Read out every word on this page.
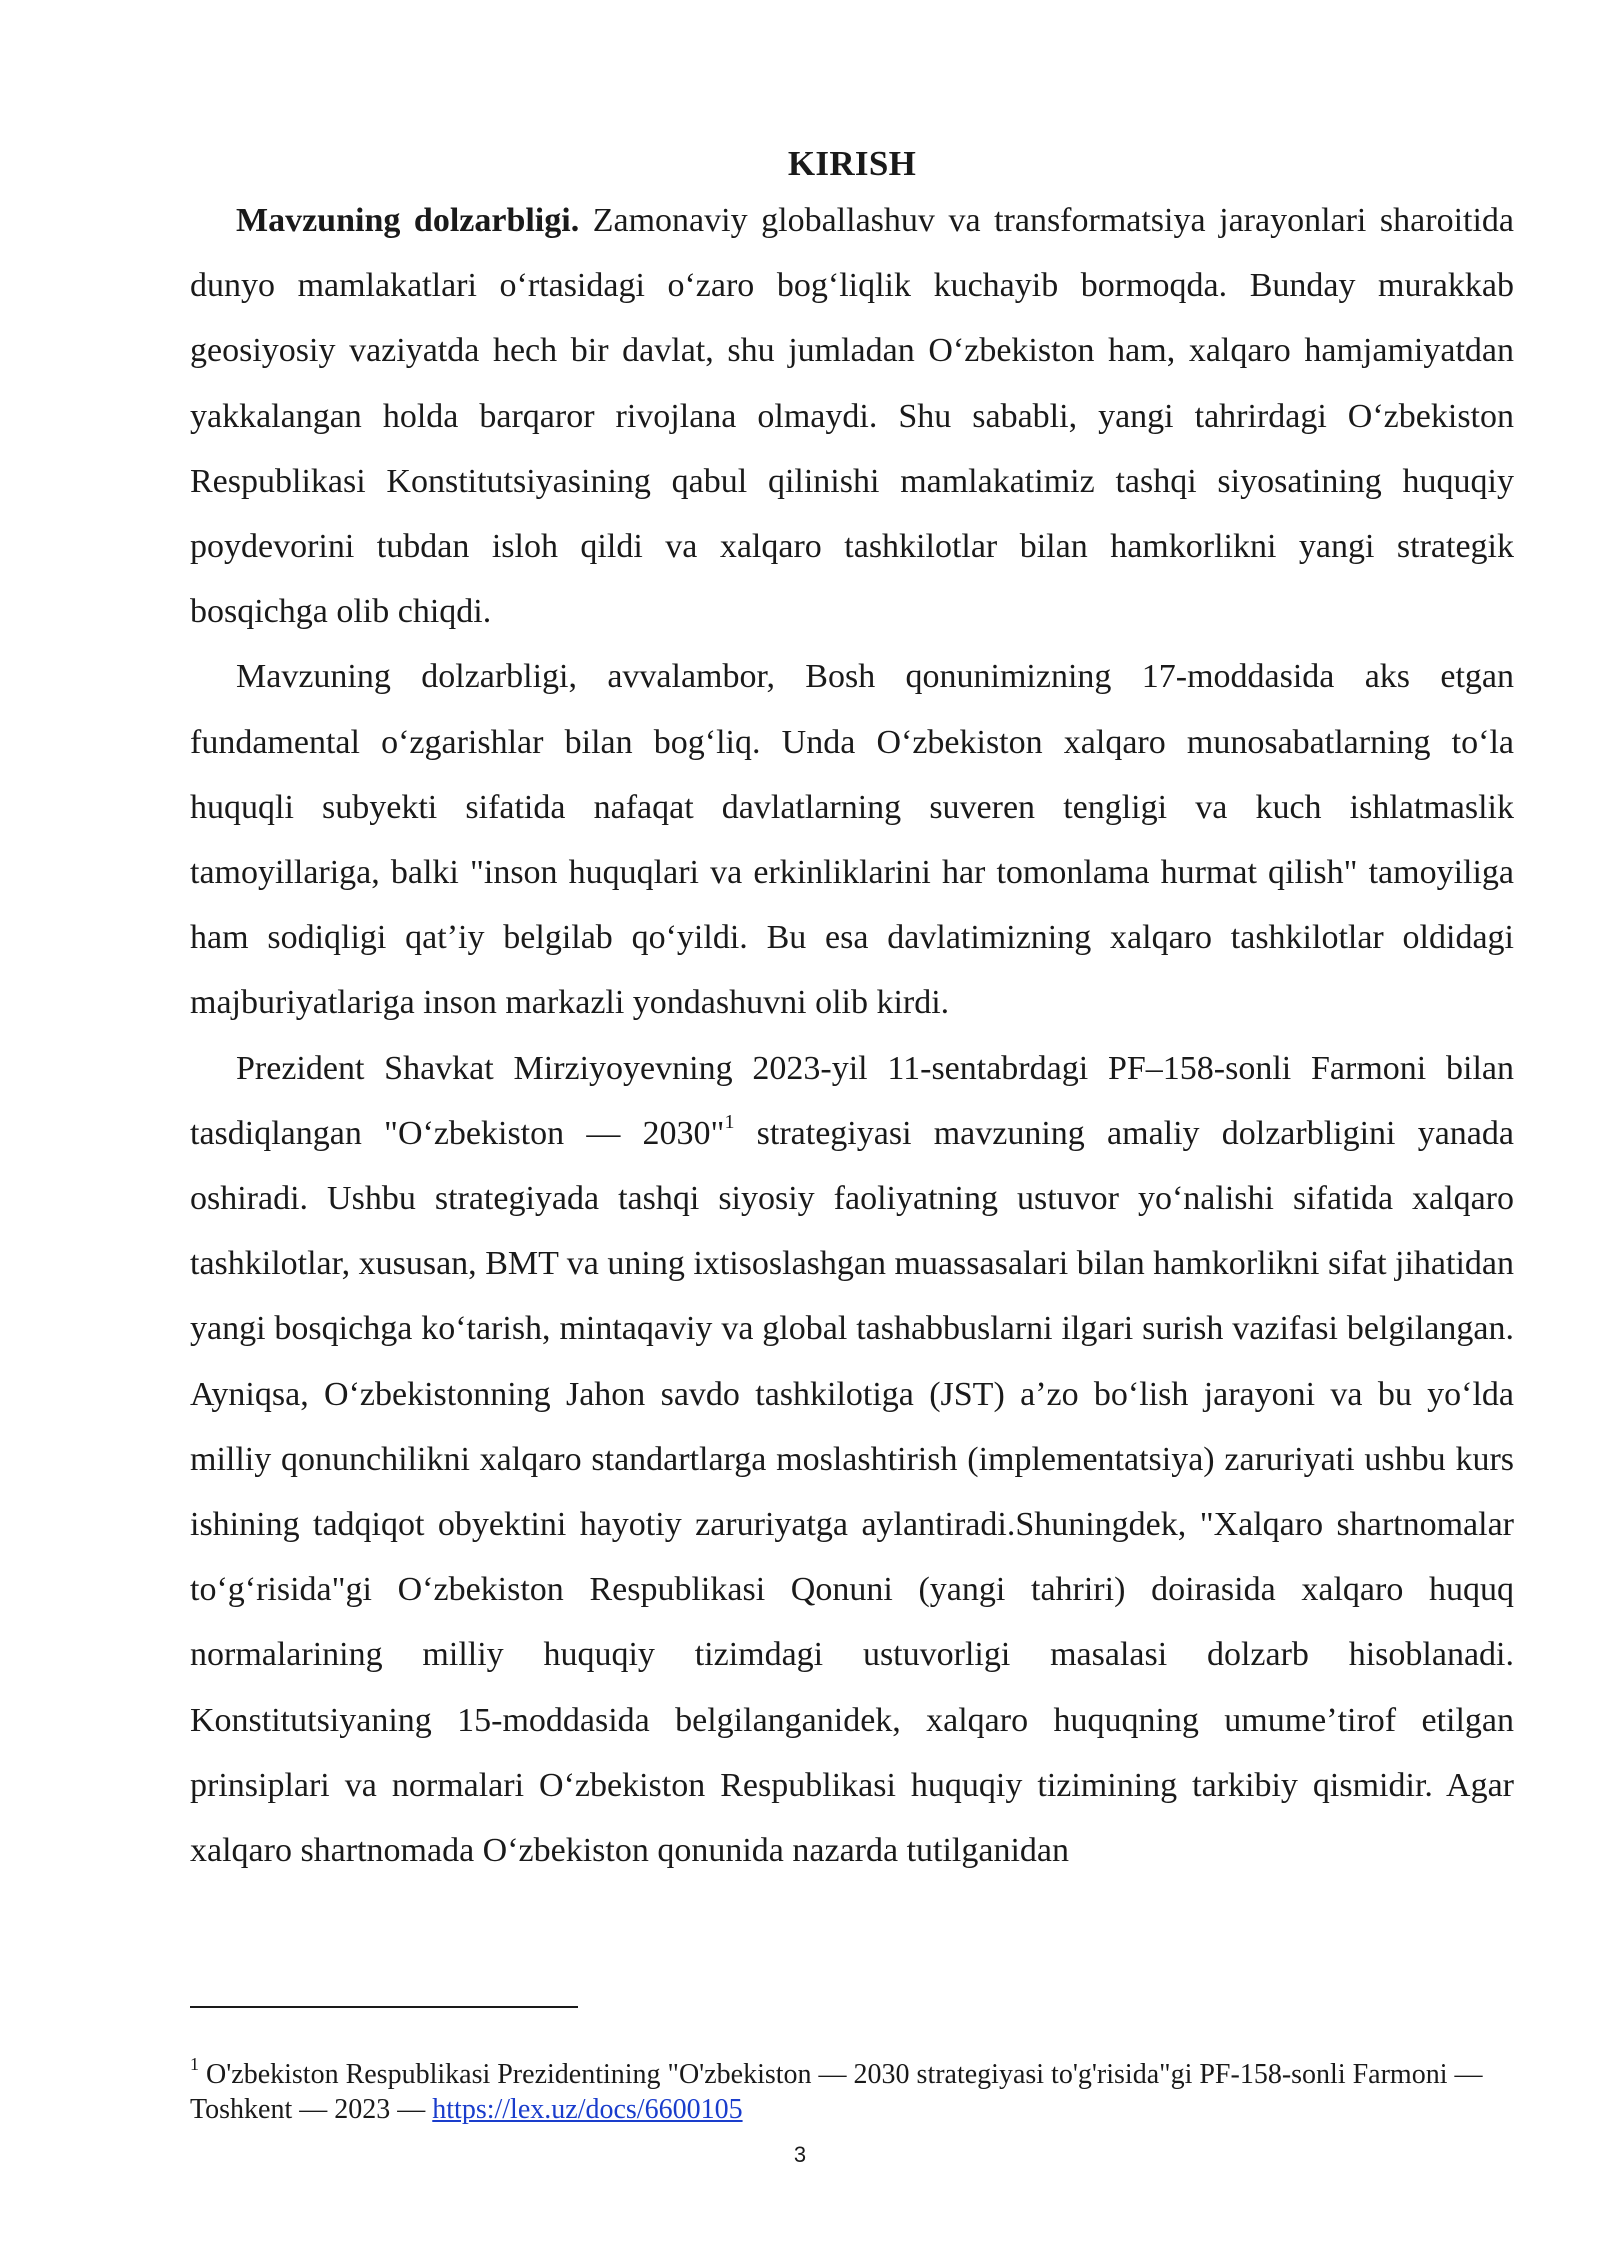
KIRISH

Mavzuning dolzarbligi. Zamonaviy globallashuv va transformatsiya jarayonlari sharoitida dunyo mamlakatlari oʻrtasidagi oʻzaro bogʻliqlik kuchayib bormoqda. Bunday murakkab geosiyosiy vaziyatda hech bir davlat, shu jumladan Oʻzbekiston ham, xalqaro hamjamiyatdan yakkalangan holda barqaror rivojlana olmaydi. Shu sababli, yangi tahrirdagi Oʻzbekiston Respublikasi Konstitutsiyasining qabul qilinishi mamlakatimiz tashqi siyosatining huquqiy poydevorini tubdan isloh qildi va xalqaro tashkilotlar bilan hamkorlikni yangi strategik bosqichga olib chiqdi.

Mavzuning dolzarbligi, avvalambor, Bosh qonunimizning 17-moddasida aks etgan fundamental oʻzgarishlar bilan bogʻliq. Unda Oʻzbekiston xalqaro munosabatlarning toʻla huquqli subyekti sifatida nafaqat davlatlarning suveren tengligi va kuch ishlatmaslik tamoyillariga, balki "inson huquqlari va erkinliklarini har tomonlama hurmat qilish" tamoyiliga ham sodiqligi qatʼiy belgilab qoʻyildi. Bu esa davlatimizning xalqaro tashkilotlar oldidagi majburiyatlariga inson markazli yondashuvni olib kirdi.

Prezident Shavkat Mirziyoyevning 2023-yil 11-sentabrdagi PF–158-sonli Farmoni bilan tasdiqlangan "Oʻzbekiston — 2030"$^1$ strategiyasi mavzuning amaliy dolzarbligini yanada oshiradi. Ushbu strategiyada tashqi siyosiy faoliyatning ustuvor yoʻnalishi sifatida xalqaro tashkilotlar, xususan, BMT va uning ixtisoslashgan muassasalari bilan hamkorlikni sifat jihatidan yangi bosqichga koʻtarish, mintaqaviy va global tashabbuslarni ilgari surish vazifasi belgilangan. Ayniqsa, Oʻzbekistonning Jahon savdo tashkilotiga (JST) aʼzo boʻlish jarayoni va bu yoʻlda milliy qonunchilikni xalqaro standartlarga moslashtirish (implementatsiya) zaruriyati ushbu kurs ishining tadqiqot obyektini hayotiy zaruriyatga aylantiradi.Shuningdek, "Xalqaro shartnomalar toʻgʻrisida"gi Oʻzbekiston Respublikasi Qonuni (yangi tahriri) doirasida xalqaro huquq normalarining milliy huquqiy tizimdagi ustuvorligi masalasi dolzarb hisoblanadi. Konstitutsiyaning 15-moddasida belgilanganidek, xalqaro huquqning umumeʼtirof etilgan prinsiplari va normalari Oʻzbekiston Respublikasi huquqiy tizimining tarkibiy qismidir. Agar xalqaro shartnomada Oʻzbekiston qonunida nazarda tutilganidan

$^1$ O'zbekiston Respublikasi Prezidentining "O'zbekiston — 2030 strategiyasi to'g'risida"gi PF-158-sonli Farmoni — Toshkent — 2023 — https://lex.uz/docs/6600105

3
